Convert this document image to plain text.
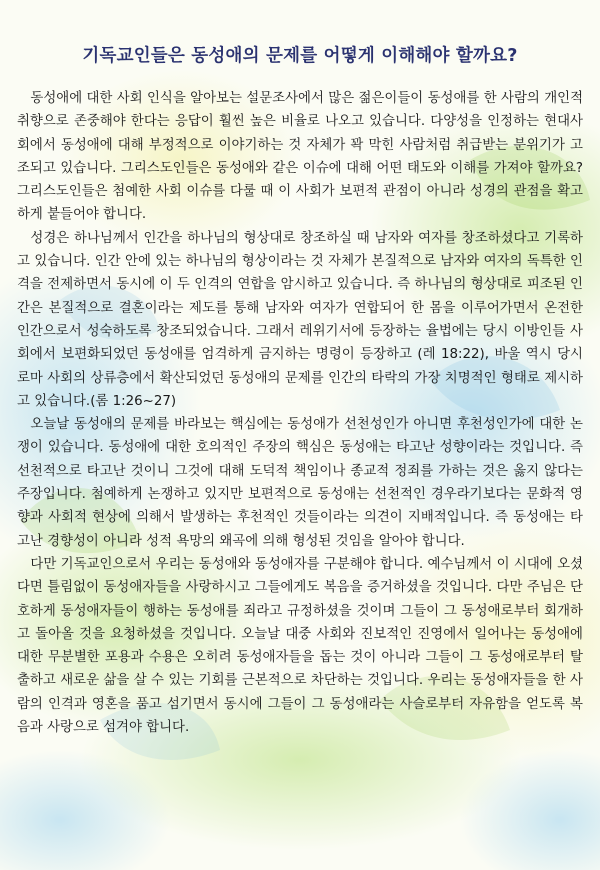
기독교인들은 동성애의 문제를 어떻게 이해해야 할까요?

동성애에 대한 사회 인식을 알아보는 설문조사에서 많은 젊은이들이 동성애를 한 사람의 개인적 취향으로 존중해야 한다는 응답이 훨씬 높은 비율로 나오고 있습니다. 다양성을 인정하는 현대사회에서 동성애에 대해 부정적으로 이야기하는 것 자체가 꽉 막힌 사람처럼 취급받는 분위기가 고조되고 있습니다. 그리스도인들은 동성애와 같은 이슈에 대해 어떤 태도와 이해를 가져야 할까요? 그리스도인들은 첨예한 사회 이슈를 다룰 때 이 사회가 보편적 관점이 아니라 성경의 관점을 확고하게 붙들어야 합니다.

성경은 하나님께서 인간을 하나님의 형상대로 창조하실 때 남자와 여자를 창조하셨다고 기록하고 있습니다. 인간 안에 있는 하나님의 형상이라는 것 자체가 본질적으로 남자와 여자의 독특한 인격을 전제하면서 동시에 이 두 인격의 연합을 암시하고 있습니다. 즉 하나님의 형상대로 피조된 인간은 본질적으로 결혼이라는 제도를 통해 남자와 여자가 연합되어 한 몸을 이루어가면서 온전한 인간으로서 성숙하도록 창조되었습니다. 그래서 레위기서에 등장하는 율법에는 당시 이방인들 사회에서 보편화되었던 동성애를 엄격하게 금지하는 명령이 등장하고 (레 18:22), 바울 역시 당시 로마 사회의 상류층에서 확산되었던 동성애의 문제를 인간의 타락의 가장 치명적인 형태로 제시하고 있습니다.(롬 1:26~27)

오늘날 동성애의 문제를 바라보는 핵심에는 동성애가 선천성인가 아니면 후천성인가에 대한 논쟁이 있습니다. 동성애에 대한 호의적인 주장의 핵심은 동성애는 타고난 성향이라는 것입니다. 즉 선천적으로 타고난 것이니 그것에 대해 도덕적 책임이나 종교적 정죄를 가하는 것은 옳지 않다는 주장입니다. 첨예하게 논쟁하고 있지만 보편적으로 동성애는 선천적인 경우라기보다는 문화적 영향과 사회적 현상에 의해서 발생하는 후천적인 것들이라는 의견이 지배적입니다. 즉 동성애는 타고난 경향성이 아니라 성적 욕망의 왜곡에 의해 형성된 것임을 알아야 합니다.

다만 기독교인으로서 우리는 동성애와 동성애자를 구분해야 합니다. 예수님께서 이 시대에 오셨다면 틀림없이 동성애자들을 사랑하시고 그들에게도 복음을 증거하셨을 것입니다. 다만 주님은 단호하게 동성애자들이 행하는 동성애를 죄라고 규정하셨을 것이며 그들이 그 동성애로부터 회개하고 돌아올 것을 요청하셨을 것입니다. 오늘날 대중 사회와 진보적인 진영에서 일어나는 동성애에 대한 무분별한 포용과 수용은 오히려 동성애자들을 돕는 것이 아니라 그들이 그 동성애로부터 탈출하고 새로운 삶을 살 수 있는 기회를 근본적으로 차단하는 것입니다. 우리는 동성애자들을 한 사람의 인격과 영혼을 품고 섬기면서 동시에 그들이 그 동성애라는 사슬로부터 자유함을 얻도록 복음과 사랑으로 섬겨야 합니다.
